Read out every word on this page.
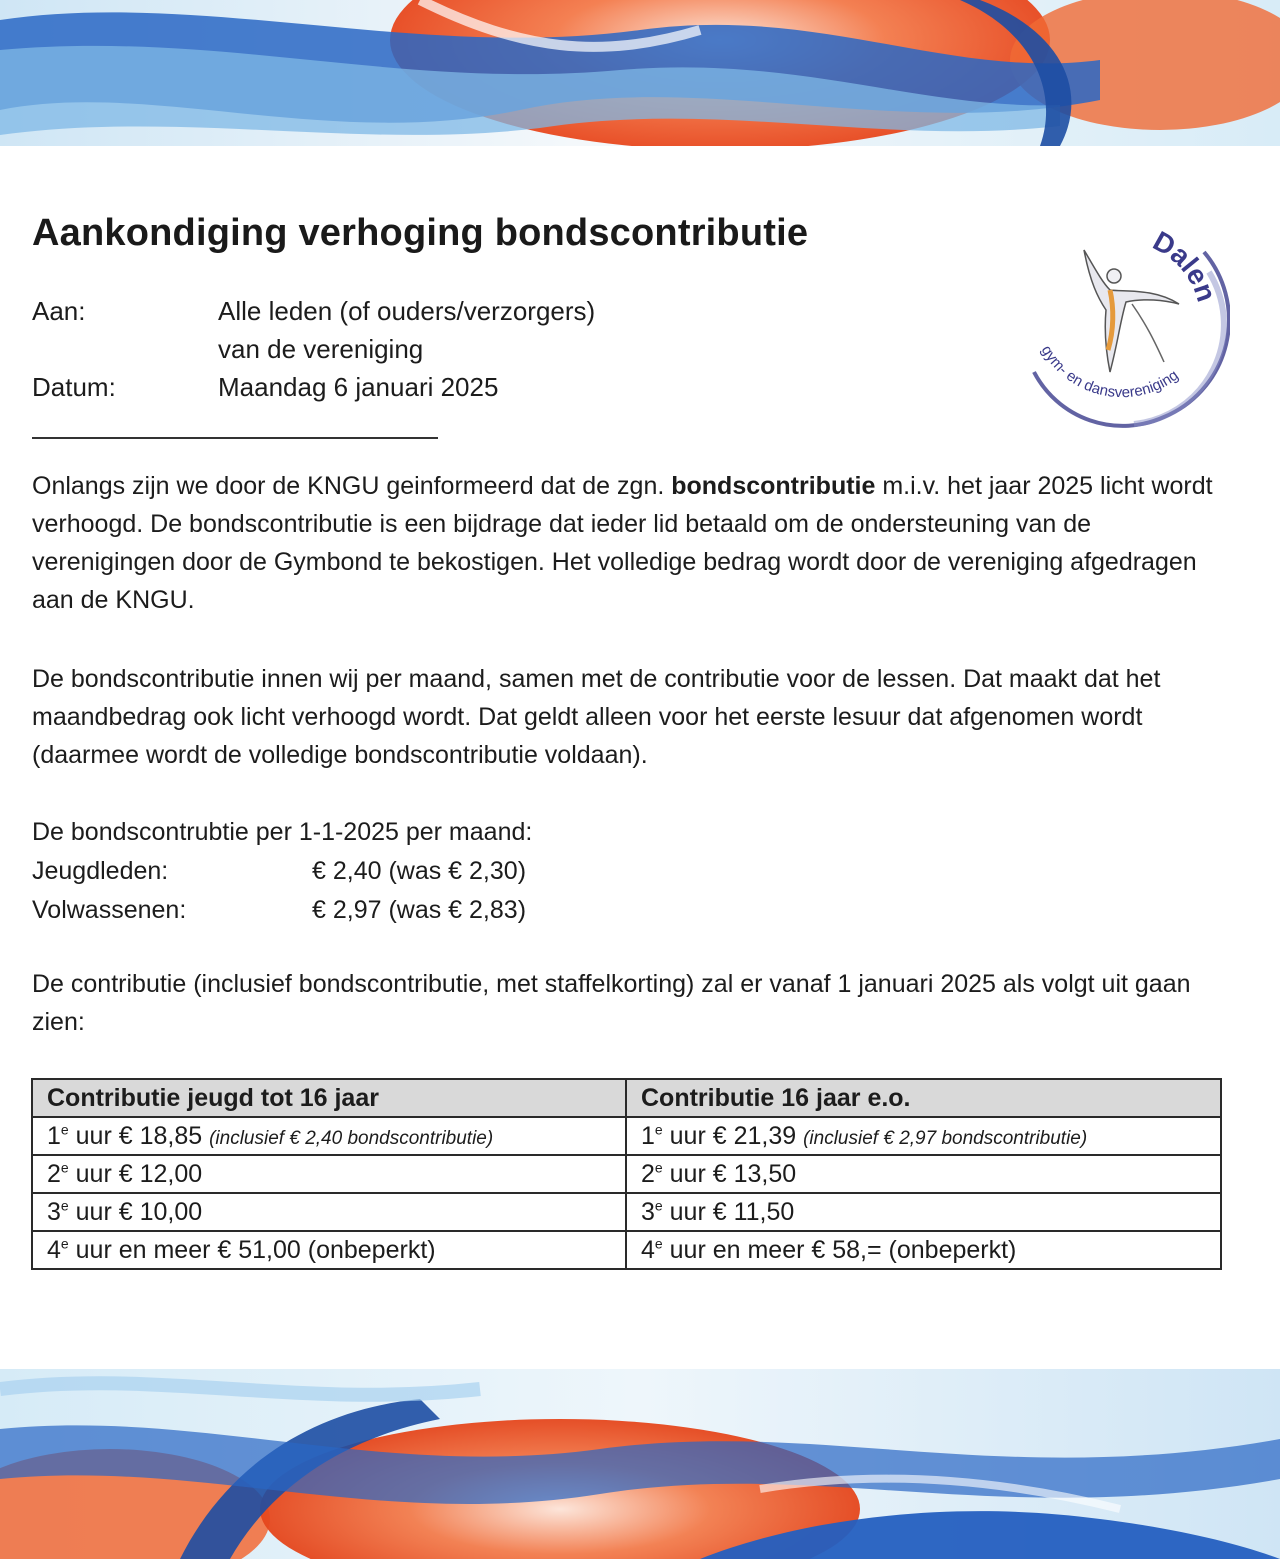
Aankondiging verhoging bondscontributie
Aan:	Alle leden (of ouders/verzorgers)
van de vereniging
Datum:	Maandag 6 januari 2025
Dalen
gym- en dansvereniging

Onlangs zijn we door de KNGU geinformeerd dat de zgn. bondscontributie m.i.v. het jaar 2025 licht wordt verhoogd. De bondscontributie is een bijdrage dat ieder lid betaald om de ondersteuning van de verenigingen door de Gymbond te bekostigen. Het volledige bedrag wordt door de vereniging afgedragen aan de KNGU.

De bondscontributie innen wij per maand, samen met de contributie voor de lessen. Dat maakt dat het maandbedrag ook licht verhoogd wordt. Dat geldt alleen voor het eerste lesuur dat afgenomen wordt (daarmee wordt de volledige bondscontributie voldaan).

De bondscontrubtie per 1-1-2025 per maand:
Jeugdleden:	€ 2,40 (was € 2,30)
Volwassenen:	€ 2,97 (was € 2,83)

De contributie (inclusief bondscontributie, met staffelkorting) zal er vanaf 1 januari 2025 als volgt uit gaan zien:

Contributie jeugd tot 16 jaar	Contributie 16 jaar e.o.
1e uur € 18,85 (inclusief € 2,40 bondscontributie)	1e uur € 21,39 (inclusief € 2,97 bondscontributie)
2e uur € 12,00	2e uur € 13,50
3e uur € 10,00	3e uur € 11,50
4e uur en meer € 51,00 (onbeperkt)	4e uur en meer € 58,= (onbeperkt)
